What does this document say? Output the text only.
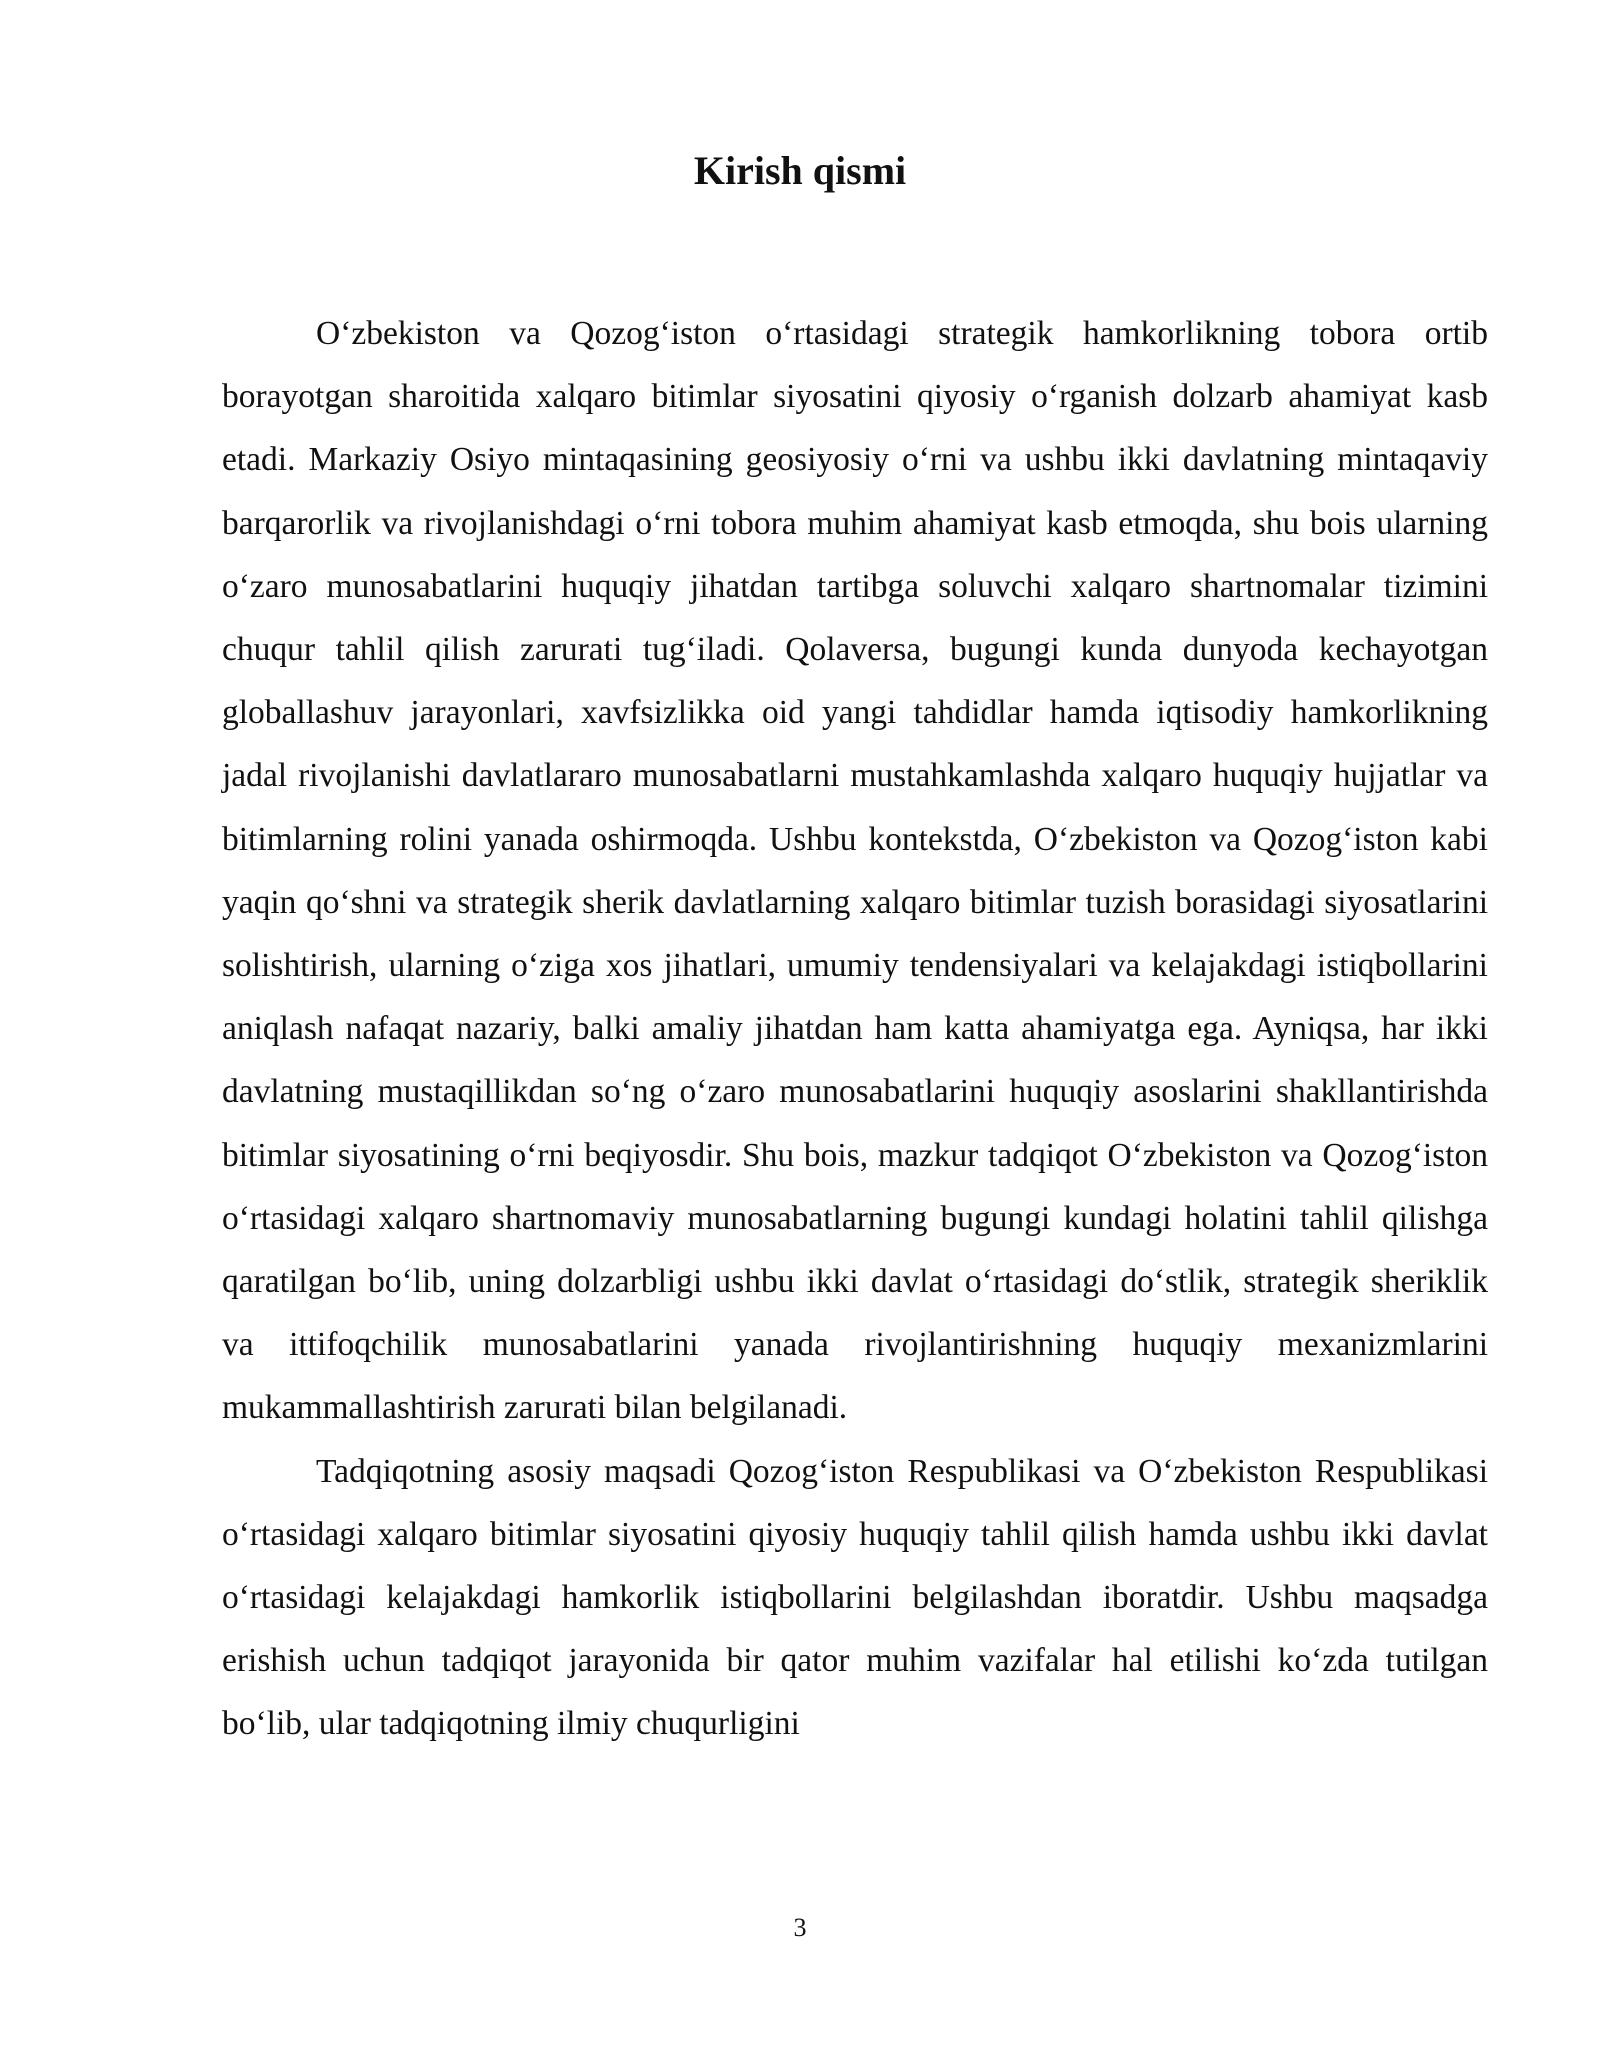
Kirish qismi

O‘zbekiston va Qozog‘iston o‘rtasidagi strategik hamkorlikning tobora ortib borayotgan sharoitida xalqaro bitimlar siyosatini qiyosiy o‘rganish dolzarb ahamiyat kasb etadi. Markaziy Osiyo mintaqasining geosiyosiy o‘rni va ushbu ikki davlatning mintaqaviy barqarorlik va rivojlanishdagi o‘rni tobora muhim ahamiyat kasb etmoqda, shu bois ularning o‘zaro munosabatlarini huquqiy jihatdan tartibga soluvchi xalqaro shartnomalar tizimini chuqur tahlil qilish zarurati tug‘iladi. Qolaversa, bugungi kunda dunyoda kechayotgan globallashuv jarayonlari, xavfsizlikka oid yangi tahdidlar hamda iqtisodiy hamkorlikning jadal rivojlanishi davlatlararo munosabatlarni mustahkamlashda xalqaro huquqiy hujjatlar va bitimlarning rolini yanada oshirmoqda. Ushbu kontekstda, O‘zbekiston va Qozog‘iston kabi yaqin qo‘shni va strategik sherik davlatlarning xalqaro bitimlar tuzish borasidagi siyosatlarini solishtirish, ularning o‘ziga xos jihatlari, umumiy tendensiyalari va kelajakdagi istiqbollarini aniqlash nafaqat nazariy, balki amaliy jihatdan ham katta ahamiyatga ega. Ayniqsa, har ikki davlatning mustaqillikdan so‘ng o‘zaro munosabatlarini huquqiy asoslarini shakllantirishda bitimlar siyosatining o‘rni beqiyosdir. Shu bois, mazkur tadqiqot O‘zbekiston va Qozog‘iston o‘rtasidagi xalqaro shartnomaviy munosabatlarning bugungi kundagi holatini tahlil qilishga qaratilgan bo‘lib, uning dolzarbligi ushbu ikki davlat o‘rtasidagi do‘stlik, strategik sheriklik va ittifoqchilik munosabatlarini yanada rivojlantirishning huquqiy mexanizmlarini mukammallashtirish zarurati bilan belgilanadi.

Tadqiqotning asosiy maqsadi Qozog‘iston Respublikasi va O‘zbekiston Respublikasi o‘rtasidagi xalqaro bitimlar siyosatini qiyosiy huquqiy tahlil qilish hamda ushbu ikki davlat o‘rtasidagi kelajakdagi hamkorlik istiqbollarini belgilashdan iboratdir. Ushbu maqsadga erishish uchun tadqiqot jarayonida bir qator muhim vazifalar hal etilishi ko‘zda tutilgan bo‘lib, ular tadqiqotning ilmiy chuqurligini

3
